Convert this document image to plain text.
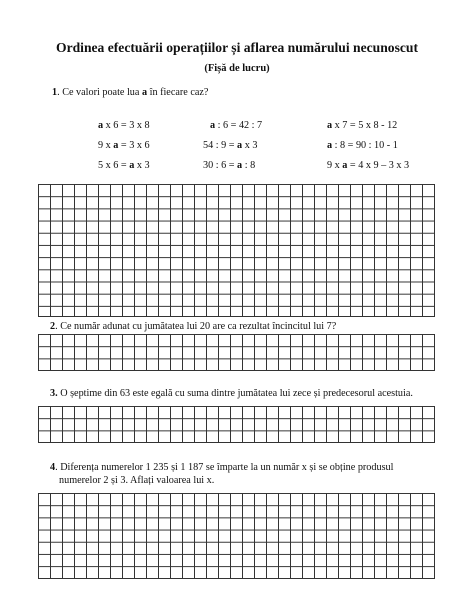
Ordinea efectuării operațiilor și aflarea numărului necunoscut
(Fișă de lucru)
1. Ce valori poate lua a în fiecare caz?
a x 6 = 3 x 8	a : 6 = 42 : 7	a x 7 = 5 x 8 - 12
9 x a = 3 x 6	54 : 9 = a x 3	a : 8 = 90 : 10 - 1
5 x 6 = a x 3	30 : 6 = a : 8	9 x a = 4 x 9 – 3 x 3
2. Ce număr adunat cu jumătatea lui 20 are ca rezultat încincitul lui 7?
3. O șeptime din 63 este egală cu suma dintre jumătatea lui zece și predecesorul acestuia.
4. Diferența numerelor 1 235 și 1 187 se împarte la un număr x și se obține produsul
numerelor 2 și 3. Aflați valoarea lui x.
